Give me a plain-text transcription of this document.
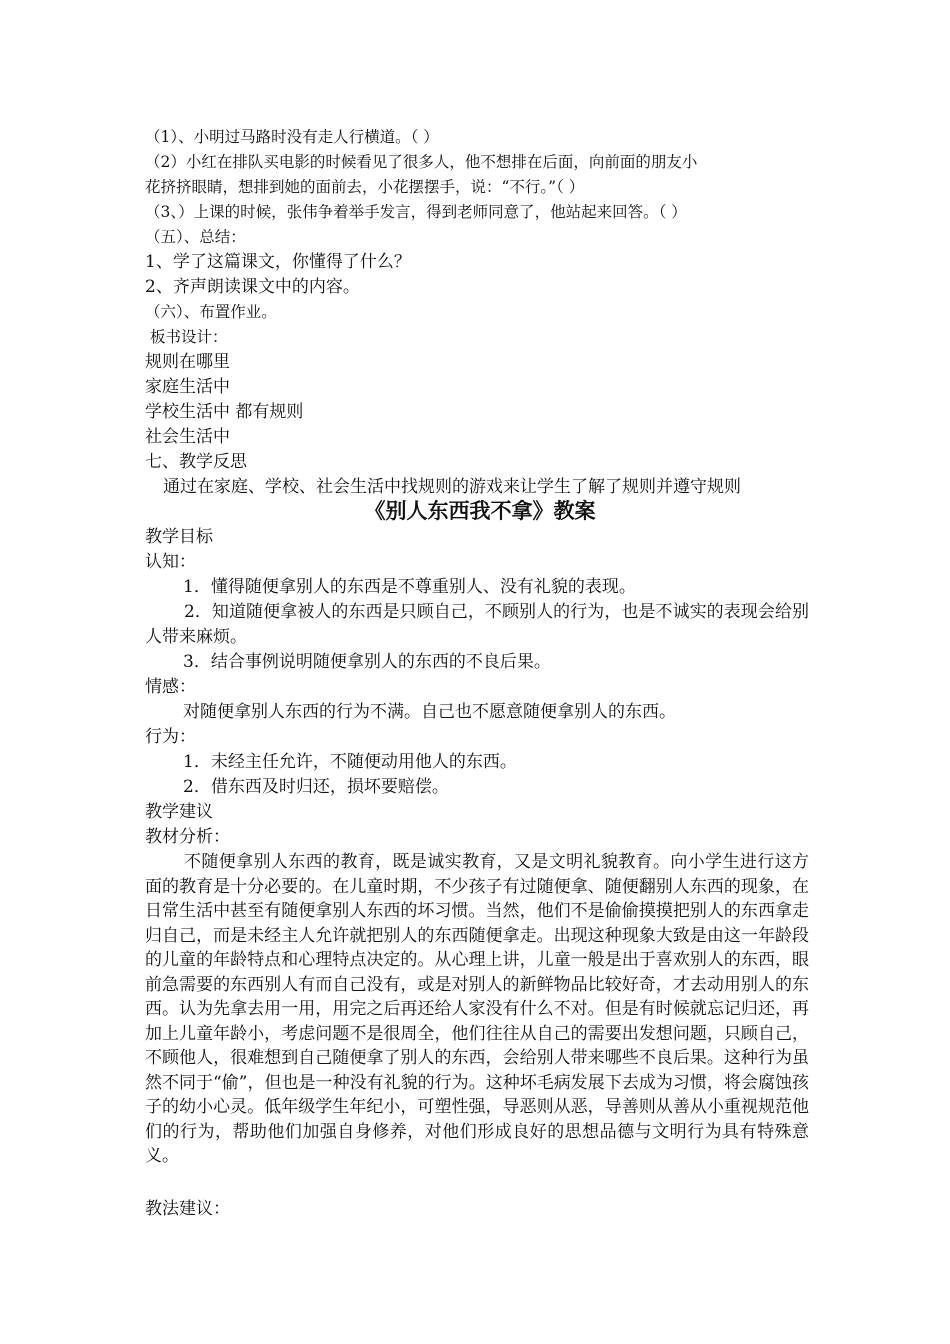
（1）、小明过马路时没有走人行横道。（ ）
（2）小红在排队买电影的时候看见了很多人，他不想排在后面，向前面的朋友小
花挤挤眼睛，想排到她的面前去，小花摆摆手，说：“不行。”（ ）
（3、）上课的时候，张伟争着举手发言，得到老师同意了，他站起来回答。（ ）
（五）、总结：
1、学了这篇课文，你懂得了什么？
2、齐声朗读课文中的内容。
（六）、布置作业。
板书设计：
规则在哪里
家庭生活中
学校生活中 都有规则
社会生活中
七、教学反思
通过在家庭、学校、社会生活中找规则的游戏来让学生了解了规则并遵守规则
《别人东西我不拿》教案
教学目标
认知：
1．懂得随便拿别人的东西是不尊重别人、没有礼貌的表现。
2．知道随便拿被人的东西是只顾自己，不顾别人的行为，也是不诚实的表现会给别人带来麻烦。
3．结合事例说明随便拿别人的东西的不良后果。
情感：
对随便拿别人东西的行为不满。自己也不愿意随便拿别人的东西。
行为：
1．未经主任允许，不随便动用他人的东西。
2．借东西及时归还，损坏要赔偿。
教学建议
教材分析：
不随便拿别人东西的教育，既是诚实教育，又是文明礼貌教育。向小学生进行这方面的教育是十分必要的。在儿童时期，不少孩子有过随便拿、随便翻别人东西的现象，在日常生活中甚至有随便拿别人东西的坏习惯。当然，他们不是偷偷摸摸把别人的东西拿走归自己，而是未经主人允许就把别人的东西随便拿走。出现这种现象大致是由这一年龄段的儿童的年龄特点和心理特点决定的。从心理上讲，儿童一般是出于喜欢别人的东西，眼前急需要的东西别人有而自己没有，或是对别人的新鲜物品比较好奇，才去动用别人的东西。认为先拿去用一用，用完之后再还给人家没有什么不对。但是有时候就忘记归还，再加上儿童年龄小，考虑问题不是很周全，他们往往从自己的需要出发想问题，只顾自己，不顾他人，很难想到自己随便拿了别人的东西，会给别人带来哪些不良后果。这种行为虽然不同于“偷”，但也是一种没有礼貌的行为。这种坏毛病发展下去成为习惯，将会腐蚀孩子的幼小心灵。低年级学生年纪小，可塑性强，导恶则从恶，导善则从善从小重视规范他们的行为，帮助他们加强自身修养，对他们形成良好的思想品德与文明行为具有特殊意义。
教法建议：
